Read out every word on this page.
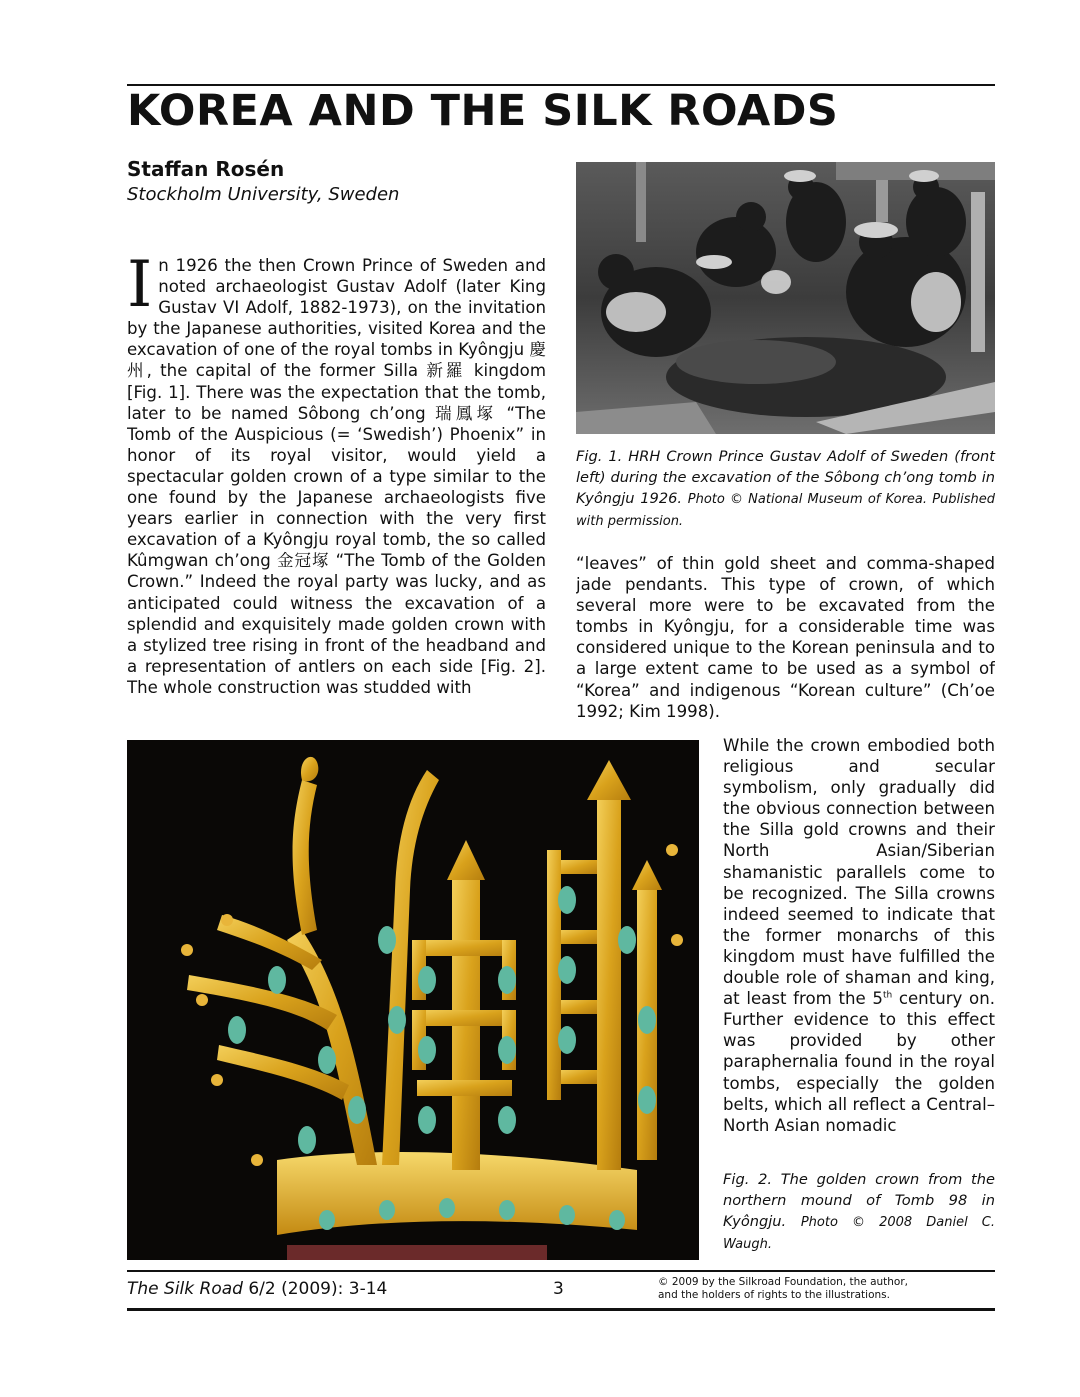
KOREA AND THE SILK ROADS
Staffan Rosén
Stockholm University, Sweden
I n 1926 the then Crown Prince of Sweden and noted archaeologist Gustav Adolf (later King Gustav VI Adolf, 1882-1973), on the invitation by the Japanese authorities, visited Korea and the excavation of one of the royal tombs in Kyôngju 慶州, the capital of the former Silla 新羅 kingdom [Fig. 1]. There was the expectation that the tomb, later to be named Sôbong ch’ong 瑞鳳塚 “The Tomb of the Auspicious (= ‘Swedish’) Phoenix” in honor of its royal visitor, would yield a spectacular golden crown of a type similar to the one found by the Japanese archaeologists five years earlier in connection with the very first excavation of a Kyôngju royal tomb, the so called Kûmgwan ch’ong 金冠塚 “The Tomb of the Golden Crown.” Indeed the royal party was lucky, and as anticipated could witness the excavation of a splendid and exquisitely made golden crown with a stylized tree rising in front of the headband and a representation of antlers on each side [Fig. 2]. The whole construction was studded with
Fig. 1. HRH Crown Prince Gustav Adolf of Sweden (front left) during the excavation of the Sôbong ch’ong tomb in Kyôngju 1926. Photo © National Museum of Korea. Published with permission.
“leaves” of thin gold sheet and comma-shaped jade pendants. This type of crown, of which several more were to be excavated from the tombs in Kyôngju, for a considerable time was considered unique to the Korean peninsula and to a large extent came to be used as a symbol of “Korea” and indigenous “Korean culture” (Ch’oe 1992; Kim 1998).
While the crown embodied both religious and secular symbolism, only gradually did the obvious connection between the Silla gold crowns and their North Asian/Siberian shamanistic parallels come to be recognized. The Silla crowns indeed seemed to indicate that the former monarchs of this kingdom must have fulfilled the double role of shaman and king, at least from the 5th century on. Further evidence to this effect was provided by other paraphernalia found in the royal tombs, especially the golden belts, which all reflect a Central–North Asian nomadic
Fig. 2. The golden crown from the northern mound of Tomb 98 in Kyôngju. Photo © 2008 Daniel C. Waugh.
The Silk Road 6/2 (2009): 3-14	3	© 2009 by the Silkroad Foundation, the author,
and the holders of rights to the illustrations.
